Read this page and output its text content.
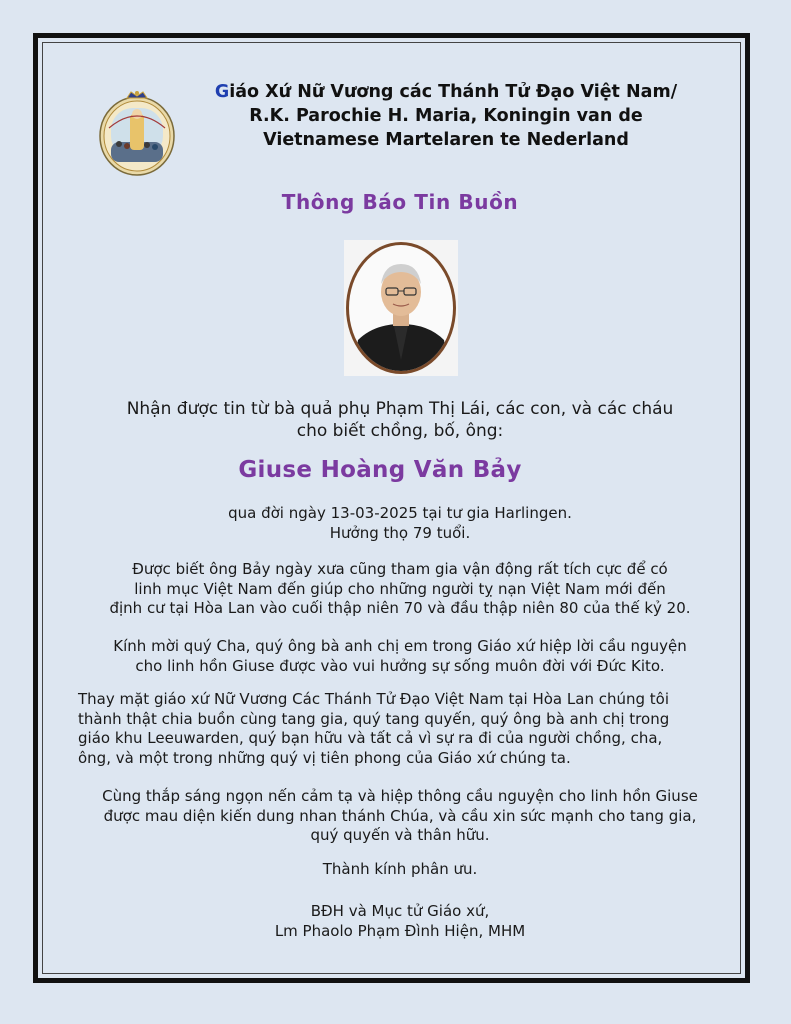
Giáo Xứ Nữ Vương các Thánh Tử Đạo Việt Nam/
R.K. Parochie H. Maria, Koningin van de
Vietnamese Martelaren te Nederland
Thông Báo Tin Buồn
Nhận được tin từ bà quả phụ Phạm Thị Lái, các con, và các cháu
cho biết chồng, bố, ông:
Giuse Hoàng Văn Bảy
qua đời ngày 13-03-2025 tại tư gia Harlingen.
Hưởng thọ 79 tuổi.
Được biết ông Bảy ngày xưa cũng tham gia vận động rất tích cực để có
linh mục Việt Nam đến giúp cho những người tỵ nạn Việt Nam mới đến
định cư tại Hòa Lan vào cuối thập niên 70 và đầu thập niên 80 của thế kỷ 20.
Kính mời quý Cha, quý ông bà anh chị em trong Giáo xứ hiệp lời cầu nguyện
cho linh hồn Giuse được vào vui hưởng sự sống muôn đời với Đức Kito.
Thay mặt giáo xứ Nữ Vương Các Thánh Tử Đạo Việt Nam tại Hòa Lan chúng tôi
thành thật chia buồn cùng tang gia, quý tang quyến, quý ông bà anh chị trong
giáo khu Leeuwarden, quý bạn hữu và tất cả vì sự ra đi của người chồng, cha,
ông, và một trong những quý vị tiên phong của Giáo xứ chúng ta.
Cùng thắp sáng ngọn nến cảm tạ và hiệp thông cầu nguyện cho linh hồn Giuse
được mau diện kiến dung nhan thánh Chúa, và cầu xin sức mạnh cho tang gia,
quý quyến và thân hữu.
Thành kính phân ưu.
BĐH và Mục tử Giáo xứ,
Lm Phaolo Phạm Đình Hiện, MHM
